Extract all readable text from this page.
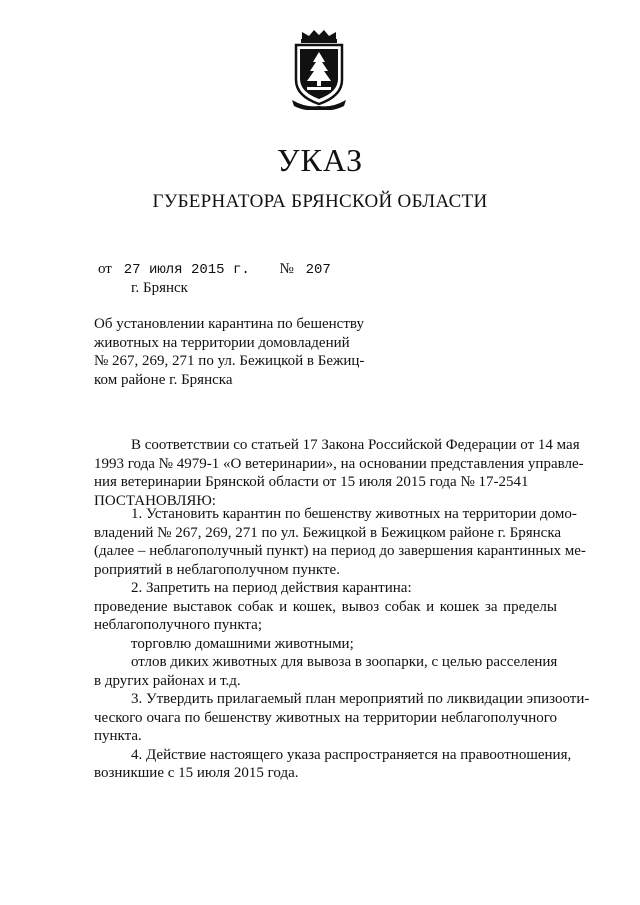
УКАЗ
ГУБЕРНАТОРА БРЯНСКОЙ ОБЛАСТИ
от 27 июля 2015 г. № 207
г. Брянск
Об установлении карантина по бешенству
животных на территории домовладений
№ 267, 269, 271 по ул. Бежицкой в Бежиц-
ком районе г. Брянска
В соответствии со статьей 17 Закона Российской Федерации от 14 мая
1993 года № 4979-1 «О ветеринарии», на основании представления управле-
ния ветеринарии Брянской области от 15 июля 2015 года № 17-2541
ПОСТАНОВЛЯЮ:
1. Установить карантин по бешенству животных на территории домо-
владений № 267, 269, 271 по ул. Бежицкой в Бежицком районе г. Брянска
(далее – неблагополучный пункт) на период до завершения карантинных ме-
роприятий в неблагополучном пункте.
2. Запретить на период действия карантина:
проведение выставок собак и кошек, вывоз собак и кошек за пределы
неблагополучного пункта;
торговлю домашними животными;
отлов диких животных для вывоза в зоопарки, с целью расселения
в других районах и т.д.
3. Утвердить прилагаемый план мероприятий по ликвидации эпизооти-
ческого очага по бешенству животных на территории неблагополучного
пункта.
4. Действие настоящего указа распространяется на правоотношения,
возникшие с 15 июля 2015 года.
